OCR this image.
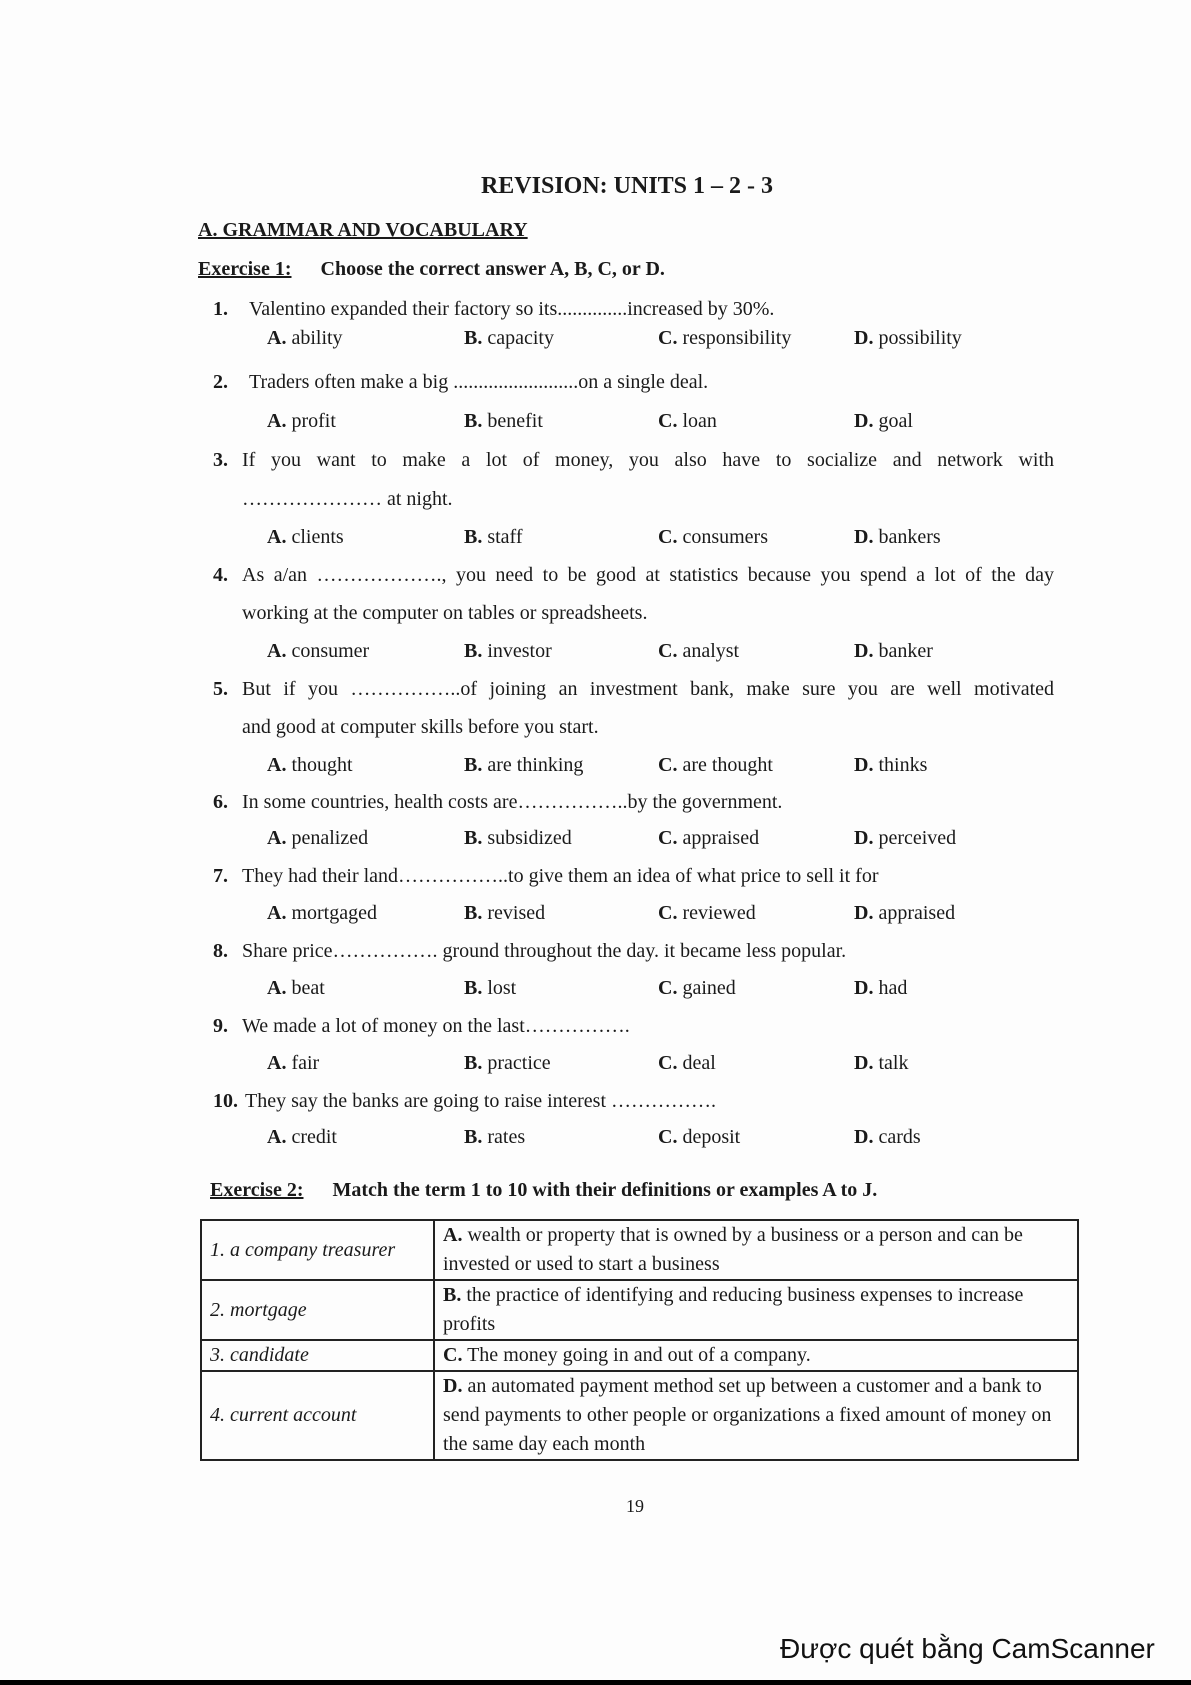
REVISION: UNITS 1 – 2 - 3
A. GRAMMAR AND VOCABULARY
Exercise 1: Choose the correct answer A, B, C, or D.
1. Valentino expanded their factory so its..............increased by 30%.
A. ability	B. capacity	C. responsibility	D. possibility
2. Traders often make a big .........................on a single deal.
A. profit	B. benefit	C. loan	D. goal
3. If you want to make a lot of money, you also have to socialize and network with
………………… at night.
A. clients	B. staff	C. consumers	D. bankers
4. As a/an ………………., you need to be good at statistics because you spend a lot of the day
working at the computer on tables or spreadsheets.
A. consumer	B. investor	C. analyst	D. banker
5. But if you ……………..of joining an investment bank, make sure you are well motivated
and good at computer skills before you start.
A. thought	B. are thinking	C. are thought	D. thinks
6. In some countries, health costs are……………..by the government.
A. penalized	B. subsidized	C. appraised	D. perceived
7. They had their land……………..to give them an idea of what price to sell it for
A. mortgaged	B. revised	C. reviewed	D. appraised
8. Share price……………. ground throughout the day. it became less popular.
A. beat	B. lost	C. gained	D. had
9. We made a lot of money on the last…………….
A. fair	B. practice	C. deal	D. talk
10. They say the banks are going to raise interest …………….
A. credit	B. rates	C. deposit	D. cards
Exercise 2: Match the term 1 to 10 with their definitions or examples A to J.
1. a company treasurer	A. wealth or property that is owned by a business or a person and can be invested or used to start a business
2. mortgage	B. the practice of identifying and reducing business expenses to increase profits
3. candidate	C. The money going in and out of a company.
4. current account	D. an automated payment method set up between a customer and a bank to send payments to other people or organizations a fixed amount of money on the same day each month
19
Được quét bằng CamScanner
